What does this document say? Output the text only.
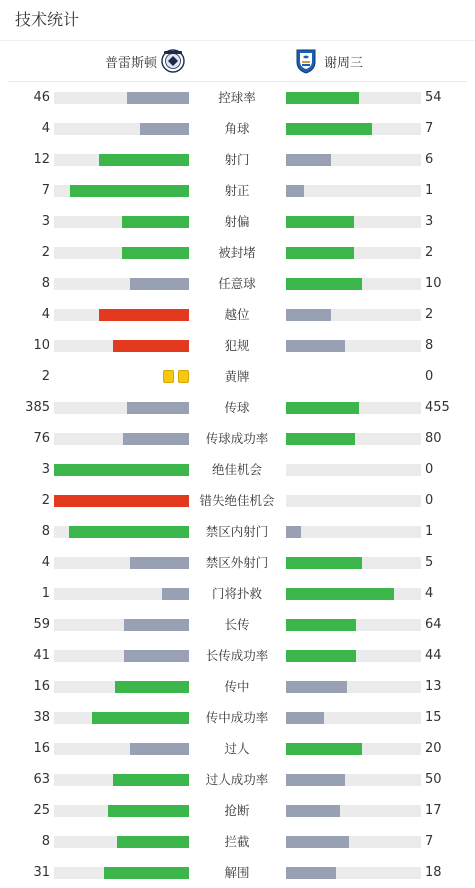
技术统计
普雷斯顿	谢周三
46	控球率	54
4	角球	7
12	射门	6
7	射正	1
3	射偏	3
2	被封堵	2
8	任意球	10
4	越位	2
10	犯规	8
2	黄牌	0
385	传球	455
76	传球成功率	80
3	绝佳机会	0
2	错失绝佳机会	0
8	禁区内射门	1
4	禁区外射门	5
1	门将扑救	4
59	长传	64
41	长传成功率	44
16	传中	13
38	传中成功率	15
16	过人	20
63	过人成功率	50
25	抢断	17
8	拦截	7
31	解围	18
